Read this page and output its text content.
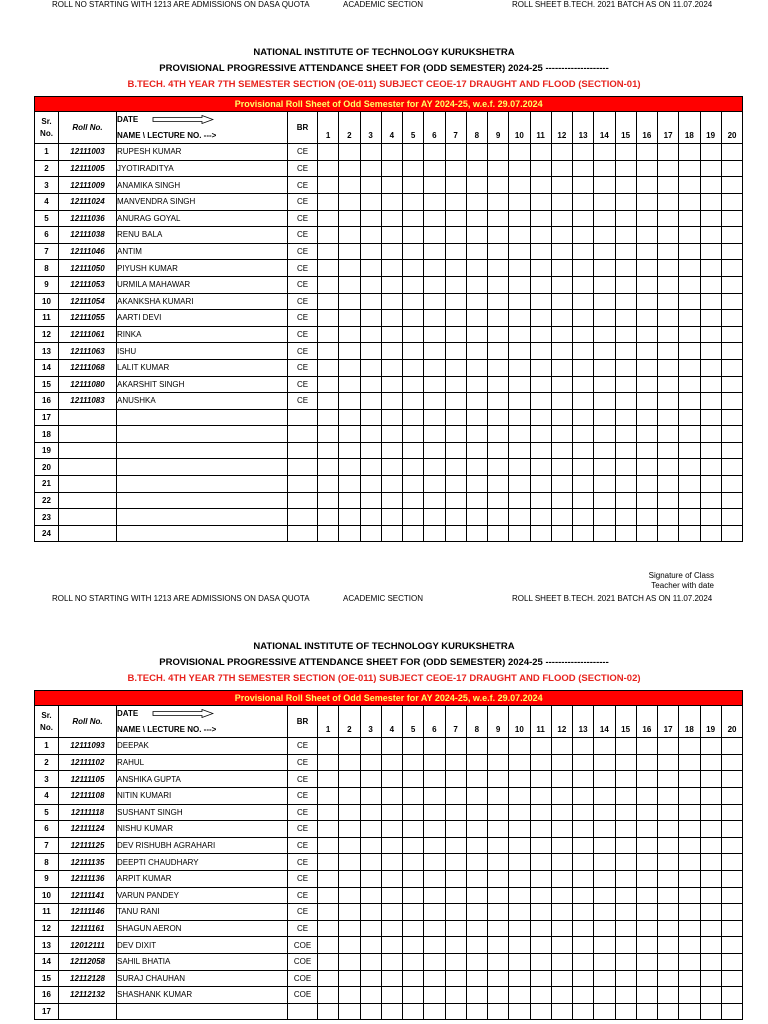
ROLL NO STARTING WITH 1213 ARE ADMISSIONS ON DASA QUOTA	ACADEMIC SECTION	ROLL SHEET B.TECH. 2021 BATCH AS ON 11.07.2024
NATIONAL INSTITUTE OF TECHNOLOGY KURUKSHETRA
PROVISIONAL PROGRESSIVE ATTENDANCE SHEET FOR (ODD SEMESTER) 2024-25 --------------------
B.TECH. 4TH YEAR 7TH SEMESTER SECTION (OE-011) SUBJECT CEOE-17 DRAUGHT AND FLOOD (SECTION-01)
Provisional Roll Sheet of Odd Semester for AY 2024-25, w.e.f. 29.07.2024																							

Sr.
No.	Roll No.	DATE	BR																				
		NAME \ LECTURE NO. --->		1	2	3	4	5	6	7	8	9	10	11	12	13	14	15	16	17	18	19	20
1	12111003	RUPESH KUMAR	CE																				
2	12111005	JYOTIRADITYA	CE																				
3	12111009	ANAMIKA SINGH	CE																				
4	12111024	MANVENDRA SINGH	CE																				
5	12111036	ANURAG GOYAL	CE																				
6	12111038	RENU BALA	CE																				
7	12111046	ANTIM	CE																				
8	12111050	PIYUSH KUMAR	CE																				
9	12111053	URMILA MAHAWAR	CE																				
10	12111054	AKANKSHA KUMARI	CE																				
11	12111055	AARTI DEVI	CE																				
12	12111061	RINKA	CE																				
13	12111063	ISHU	CE																				
14	12111068	LALIT KUMAR	CE																				
15	12111080	AKARSHIT SINGH	CE																				
16	12111083	ANUSHKA	CE																				
17																							
18																							
19																							
20																							
21																							
22																							
23																							
24																							
Signature of Class
Teacher with date
ROLL NO STARTING WITH 1213 ARE ADMISSIONS ON DASA QUOTA	ACADEMIC SECTION	ROLL SHEET B.TECH. 2021 BATCH AS ON 11.07.2024
NATIONAL INSTITUTE OF TECHNOLOGY KURUKSHETRA
PROVISIONAL PROGRESSIVE ATTENDANCE SHEET FOR (ODD SEMESTER) 2024-25 --------------------
B.TECH. 4TH YEAR 7TH SEMESTER SECTION (OE-011) SUBJECT CEOE-17 DRAUGHT AND FLOOD (SECTION-02)
Provisional Roll Sheet of Odd Semester for AY 2024-25, w.e.f. 29.07.2024																							

Sr.
No.	Roll No.	DATE	BR																				
		NAME \ LECTURE NO. --->		1	2	3	4	5	6	7	8	9	10	11	12	13	14	15	16	17	18	19	20
1	12111093	DEEPAK	CE																				
2	12111102	RAHUL	CE																				
3	12111105	ANSHIKA GUPTA	CE																				
4	12111108	NITIN KUMARI	CE																				
5	12111118	SUSHANT SINGH	CE																				
6	12111124	NISHU KUMAR	CE																				
7	12111125	DEV RISHUBH AGRAHARI	CE																				
8	12111135	DEEPTI CHAUDHARY	CE																				
9	12111136	ARPIT KUMAR	CE																				
10	12111141	VARUN PANDEY	CE																				
11	12111146	TANU RANI	CE																				
12	12111161	SHAGUN AERON	CE																				
13	12012111	DEV DIXIT	COE																				
14	12112058	SAHIL BHATIA	COE																				
15	12112128	SURAJ CHAUHAN	COE																				
16	12112132	SHASHANK KUMAR	COE																				
17																							
